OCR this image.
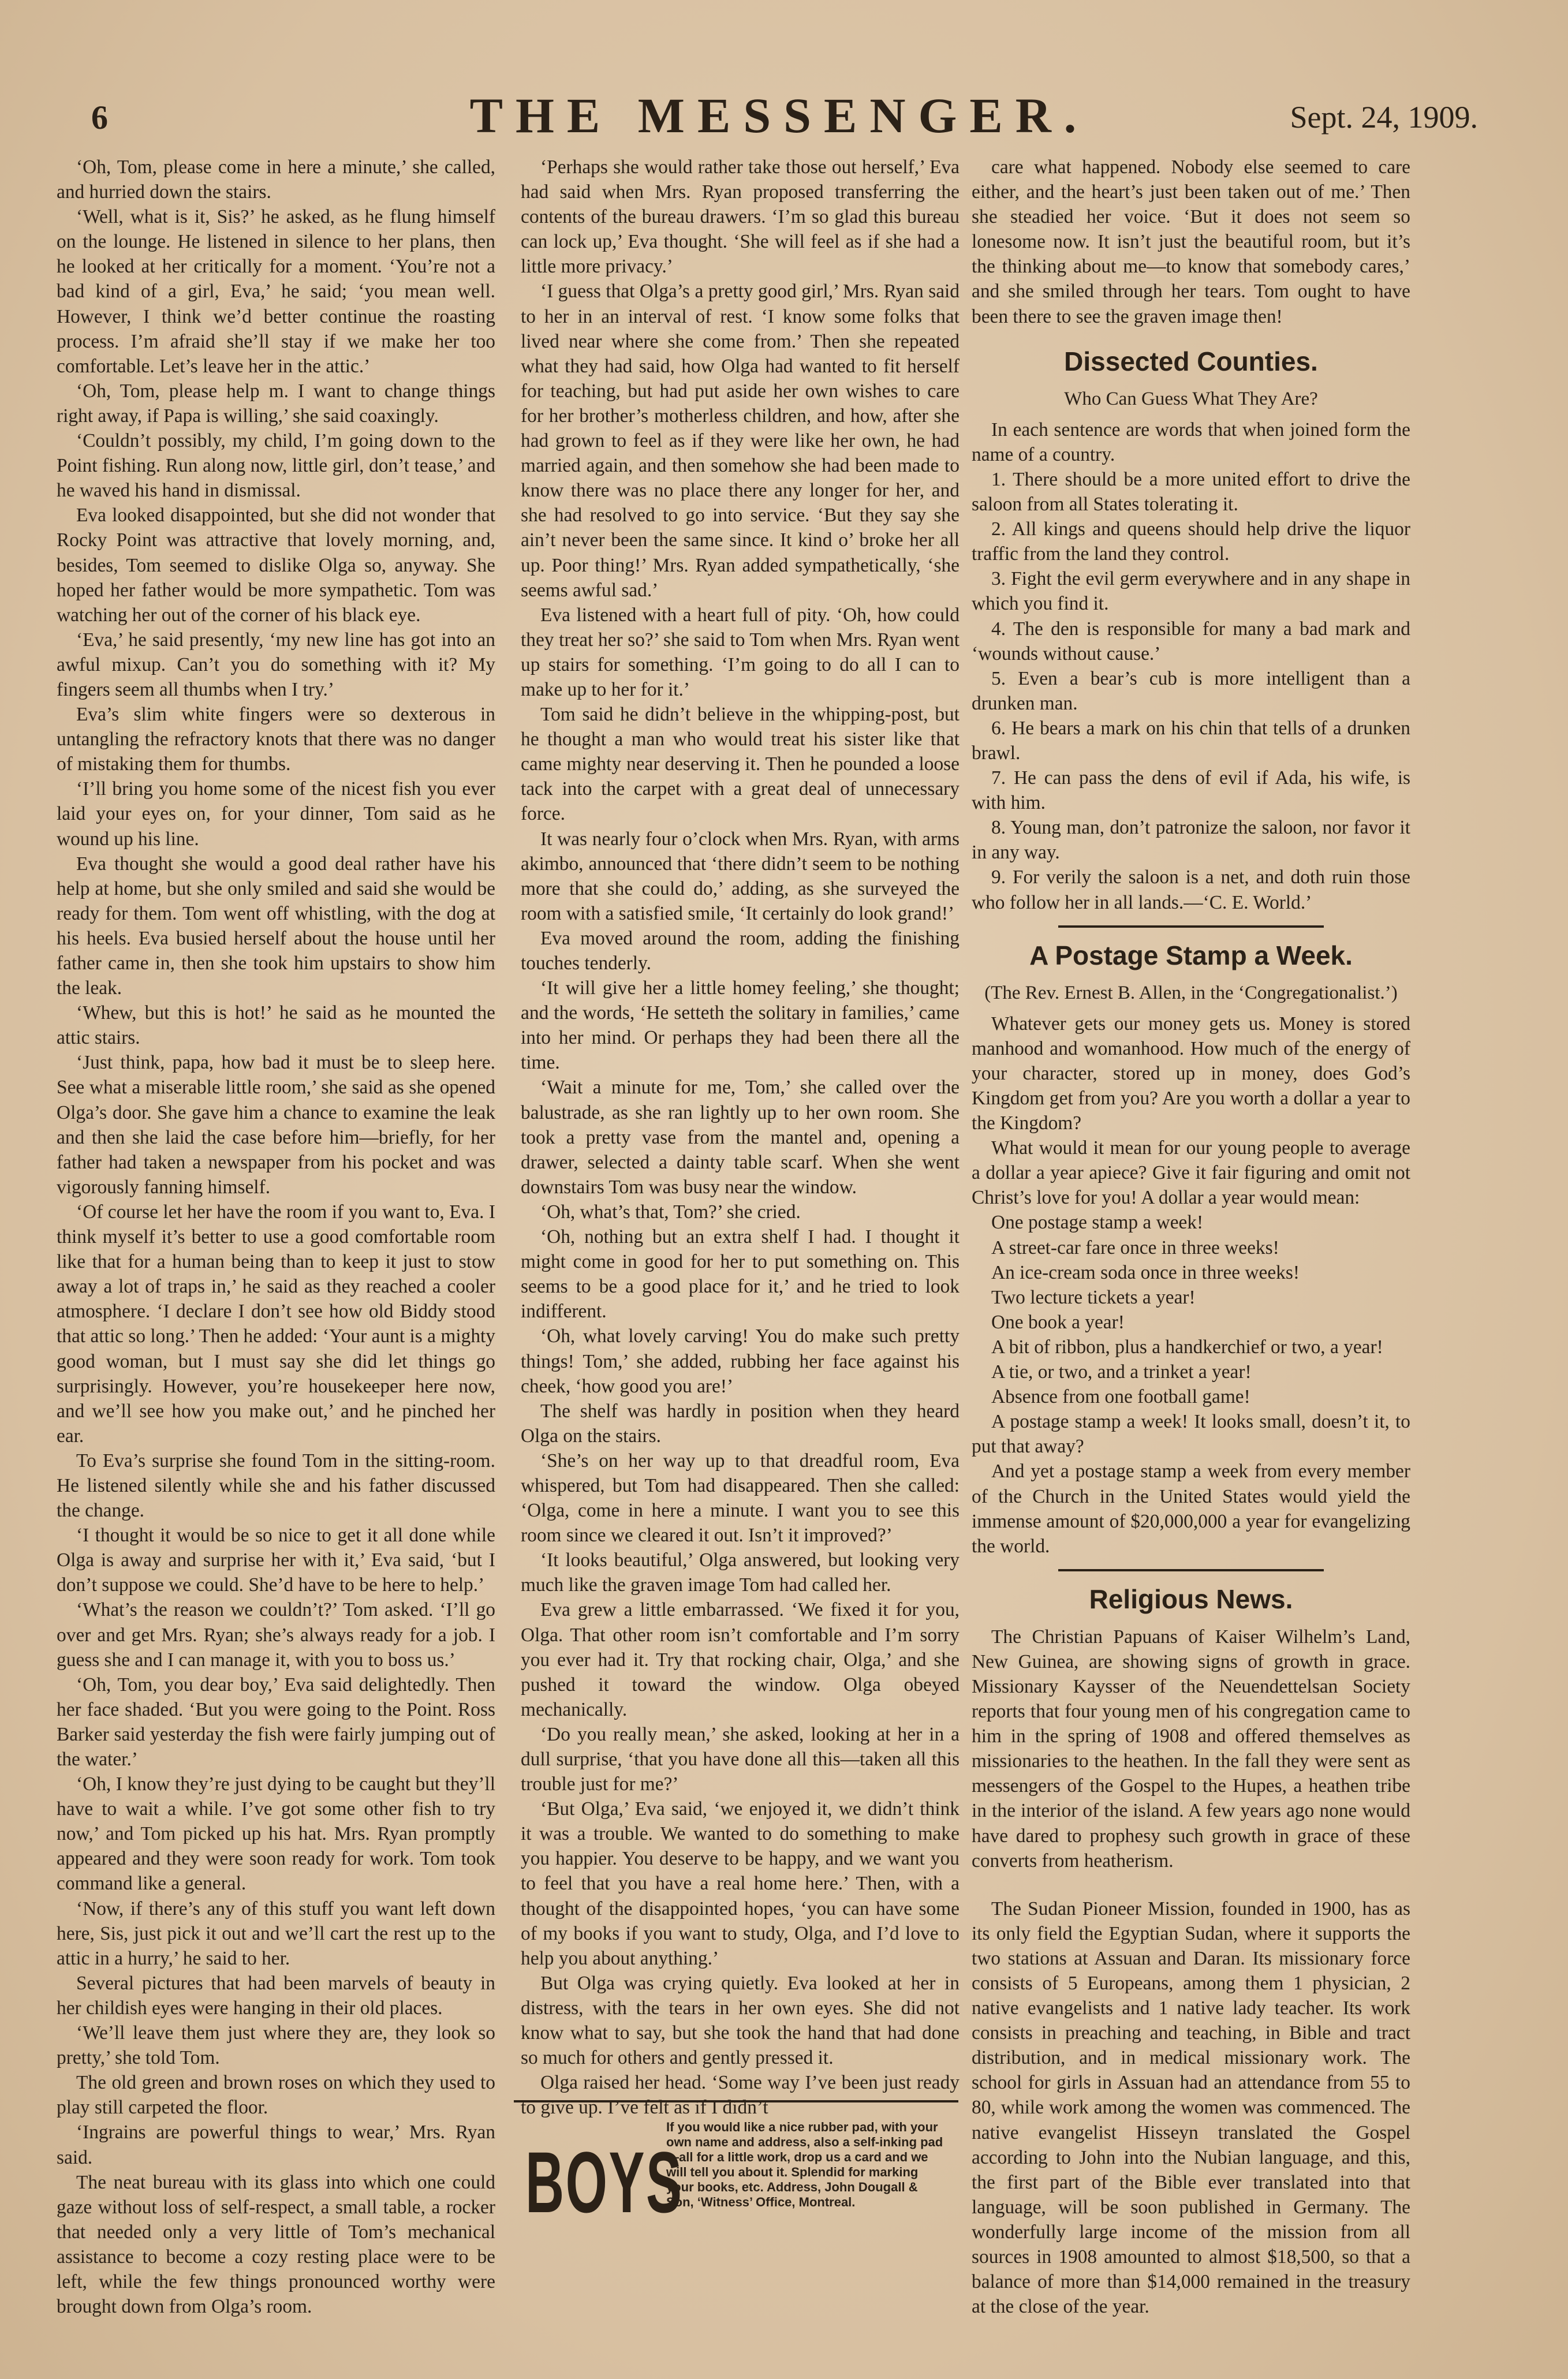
6	THE MESSENGER.	Sept. 24, 1909.

‘Oh, Tom, please come in here a minute,’ she called, and hurried down the stairs.

‘Well, what is it, Sis?’ he asked, as he flung himself on the lounge. He listened in silence to her plans, then he looked at her critically for a moment. ‘You’re not a bad kind of a girl, Eva,’ he said; ‘you mean well. However, I think we’d better continue the roasting process. I’m afraid she’ll stay if we make her too comfortable. Let’s leave her in the attic.’

‘Oh, Tom, please help m. I want to change things right away, if Papa is willing,’ she said coaxingly.

‘Couldn’t possibly, my child, I’m going down to the Point fishing. Run along now, little girl, don’t tease,’ and he waved his hand in dismissal.

Eva looked disappointed, but she did not wonder that Rocky Point was attractive that lovely morning, and, besides, Tom seemed to dislike Olga so, anyway. She hoped her father would be more sympathetic. Tom was watching her out of the corner of his black eye.

‘Eva,’ he said presently, ‘my new line has got into an awful mixup. Can’t you do something with it? My fingers seem all thumbs when I try.’

Eva’s slim white fingers were so dexterous in untangling the refractory knots that there was no danger of mistaking them for thumbs.

‘I’ll bring you home some of the nicest fish you ever laid your eyes on, for your dinner, Tom said as he wound up his line.

Eva thought she would a good deal rather have his help at home, but she only smiled and said she would be ready for them. Tom went off whistling, with the dog at his heels. Eva busied herself about the house until her father came in, then she took him upstairs to show him the leak.

‘Whew, but this is hot!’ he said as he mounted the attic stairs.

‘Just think, papa, how bad it must be to sleep here. See what a miserable little room,’ she said as she opened Olga’s door. She gave him a chance to examine the leak and then she laid the case before him—briefly, for her father had taken a newspaper from his pocket and was vigorously fanning himself.

‘Of course let her have the room if you want to, Eva. I think myself it’s better to use a good comfortable room like that for a human being than to keep it just to stow away a lot of traps in,’ he said as they reached a cooler atmosphere. ‘I declare I don’t see how old Biddy stood that attic so long.’ Then he added: ‘Your aunt is a mighty good woman, but I must say she did let things go surprisingly. However, you’re housekeeper here now, and we’ll see how you make out,’ and he pinched her ear.

To Eva’s surprise she found Tom in the sitting-room. He listened silently while she and his father discussed the change.

‘I thought it would be so nice to get it all done while Olga is away and surprise her with it,’ Eva said, ‘but I don’t suppose we could. She’d have to be here to help.’

‘What’s the reason we couldn’t?’ Tom asked. ‘I’ll go over and get Mrs. Ryan; she’s always ready for a job. I guess she and I can manage it, with you to boss us.’

‘Oh, Tom, you dear boy,’ Eva said delightedly. Then her face shaded. ‘But you were going to the Point. Ross Barker said yesterday the fish were fairly jumping out of the water.’

‘Oh, I know they’re just dying to be caught but they’ll have to wait a while. I’ve got some other fish to try now,’ and Tom picked up his hat. Mrs. Ryan promptly appeared and they were soon ready for work. Tom took command like a general.

‘Now, if there’s any of this stuff you want left down here, Sis, just pick it out and we’ll cart the rest up to the attic in a hurry,’ he said to her.

Several pictures that had been marvels of beauty in her childish eyes were hanging in their old places.

‘We’ll leave them just where they are, they look so pretty,’ she told Tom.

The old green and brown roses on which they used to play still carpeted the floor.

‘Ingrains are powerful things to wear,’ Mrs. Ryan said.

The neat bureau with its glass into which one could gaze without loss of self-respect, a small table, a rocker that needed only a very little of Tom’s mechanical assistance to become a cozy resting place were to be left, while the few things pronounced worthy were brought down from Olga’s room.

‘Perhaps she would rather take those out herself,’ Eva had said when Mrs. Ryan proposed transferring the contents of the bureau drawers. ‘I’m so glad this bureau can lock up,’ Eva thought. ‘She will feel as if she had a little more privacy.’

‘I guess that Olga’s a pretty good girl,’ Mrs. Ryan said to her in an interval of rest. ‘I know some folks that lived near where she come from.’ Then she repeated what they had said, how Olga had wanted to fit herself for teaching, but had put aside her own wishes to care for her brother’s motherless children, and how, after she had grown to feel as if they were like her own, he had married again, and then somehow she had been made to know there was no place there any longer for her, and she had resolved to go into service. ‘But they say she ain’t never been the same since. It kind o’ broke her all up. Poor thing!’ Mrs. Ryan added sympathetically, ‘she seems awful sad.’

Eva listened with a heart full of pity. ‘Oh, how could they treat her so?’ she said to Tom when Mrs. Ryan went up stairs for something. ‘I’m going to do all I can to make up to her for it.’

Tom said he didn’t believe in the whipping-post, but he thought a man who would treat his sister like that came mighty near deserving it. Then he pounded a loose tack into the carpet with a great deal of unnecessary force.

It was nearly four o’clock when Mrs. Ryan, with arms akimbo, announced that ‘there didn’t seem to be nothing more that she could do,’ adding, as she surveyed the room with a satisfied smile, ‘It certainly do look grand!’

Eva moved around the room, adding the finishing touches tenderly.

‘It will give her a little homey feeling,’ she thought; and the words, ‘He setteth the solitary in families,’ came into her mind. Or perhaps they had been there all the time.

‘Wait a minute for me, Tom,’ she called over the balustrade, as she ran lightly up to her own room. She took a pretty vase from the mantel and, opening a drawer, selected a dainty table scarf. When she went downstairs Tom was busy near the window.

‘Oh, what’s that, Tom?’ she cried.

‘Oh, nothing but an extra shelf I had. I thought it might come in good for her to put something on. This seems to be a good place for it,’ and he tried to look indifferent.

‘Oh, what lovely carving! You do make such pretty things! Tom,’ she added, rubbing her face against his cheek, ‘how good you are!’

The shelf was hardly in position when they heard Olga on the stairs.

‘She’s on her way up to that dreadful room, Eva whispered, but Tom had disappeared. Then she called: ‘Olga, come in here a minute. I want you to see this room since we cleared it out. Isn’t it improved?’

‘It looks beautiful,’ Olga answered, but looking very much like the graven image Tom had called her.

Eva grew a little embarrassed. ‘We fixed it for you, Olga. That other room isn’t comfortable and I’m sorry you ever had it. Try that rocking chair, Olga,’ and she pushed it toward the window. Olga obeyed mechanically.

‘Do you really mean,’ she asked, looking at her in a dull surprise, ‘that you have done all this—taken all this trouble just for me?’

‘But Olga,’ Eva said, ‘we enjoyed it, we didn’t think it was a trouble. We wanted to do something to make you happier. You deserve to be happy, and we want you to feel that you have a real home here.’ Then, with a thought of the disappointed hopes, ‘you can have some of my books if you want to study, Olga, and I’d love to help you about anything.’

But Olga was crying quietly. Eva looked at her in distress, with the tears in her own eyes. She did not know what to say, but she took the hand that had done so much for others and gently pressed it.

Olga raised her head. ‘Some way I’ve been just ready to give up. I’ve felt as if I didn’t

BOYS
If you would like a nice rubber pad, with your own name and address, also a self-inking pad—all for a little work, drop us a card and we will tell you about it. Splendid for marking your books, etc. Address, John Dougall & Son, ‘Witness’ Office, Montreal.

care what happened. Nobody else seemed to care either, and the heart’s just been taken out of me.’ Then she steadied her voice. ‘But it does not seem so lonesome now. It isn’t just the beautiful room, but it’s the thinking about me—to know that somebody cares,’ and she smiled through her tears. Tom ought to have been there to see the graven image then!

Dissected Counties.

Who Can Guess What They Are?

In each sentence are words that when joined form the name of a country.

1. There should be a more united effort to drive the saloon from all States tolerating it.

2. All kings and queens should help drive the liquor traffic from the land they control.

3. Fight the evil germ everywhere and in any shape in which you find it.

4. The den is responsible for many a bad mark and ‘wounds without cause.’

5. Even a bear’s cub is more intelligent than a drunken man.

6. He bears a mark on his chin that tells of a drunken brawl.

7. He can pass the dens of evil if Ada, his wife, is with him.

8. Young man, don’t patronize the saloon, nor favor it in any way.

9. For verily the saloon is a net, and doth ruin those who follow her in all lands.—‘C. E. World.’

A Postage Stamp a Week.

(The Rev. Ernest B. Allen, in the ‘Congregationalist.’)

Whatever gets our money gets us. Money is stored manhood and womanhood. How much of the energy of your character, stored up in money, does God’s Kingdom get from you? Are you worth a dollar a year to the Kingdom?

What would it mean for our young people to average a dollar a year apiece? Give it fair figuring and omit not Christ’s love for you! A dollar a year would mean:

One postage stamp a week!

A street-car fare once in three weeks!

An ice-cream soda once in three weeks!

Two lecture tickets a year!

One book a year!

A bit of ribbon, plus a handkerchief or two, a year!

A tie, or two, and a trinket a year!

Absence from one football game!

A postage stamp a week! It looks small, doesn’t it, to put that away?

And yet a postage stamp a week from every member of the Church in the United States would yield the immense amount of $20,000,000 a year for evangelizing the world.

Religious News.

The Christian Papuans of Kaiser Wilhelm’s Land, New Guinea, are showing signs of growth in grace. Missionary Kaysser of the Neuendettelsan Society reports that four young men of his congregation came to him in the spring of 1908 and offered themselves as missionaries to the heathen. In the fall they were sent as messengers of the Gospel to the Hupes, a heathen tribe in the interior of the island. A few years ago none would have dared to prophesy such growth in grace of these converts from heatherism.

The Sudan Pioneer Mission, founded in 1900, has as its only field the Egyptian Sudan, where it supports the two stations at Assuan and Daran. Its missionary force consists of 5 Europeans, among them 1 physician, 2 native evangelists and 1 native lady teacher. Its work consists in preaching and teaching, in Bible and tract distribution, and in medical missionary work. The school for girls in Assuan had an attendance from 55 to 80, while work among the women was commenced. The native evangelist Hisseyn translated the Gospel according to John into the Nubian language, and this, the first part of the Bible ever translated into that language, will be soon published in Germany. The wonderfully large income of the mission from all sources in 1908 amounted to almost $18,500, so that a balance of more than $14,000 remained in the treasury at the close of the year.
